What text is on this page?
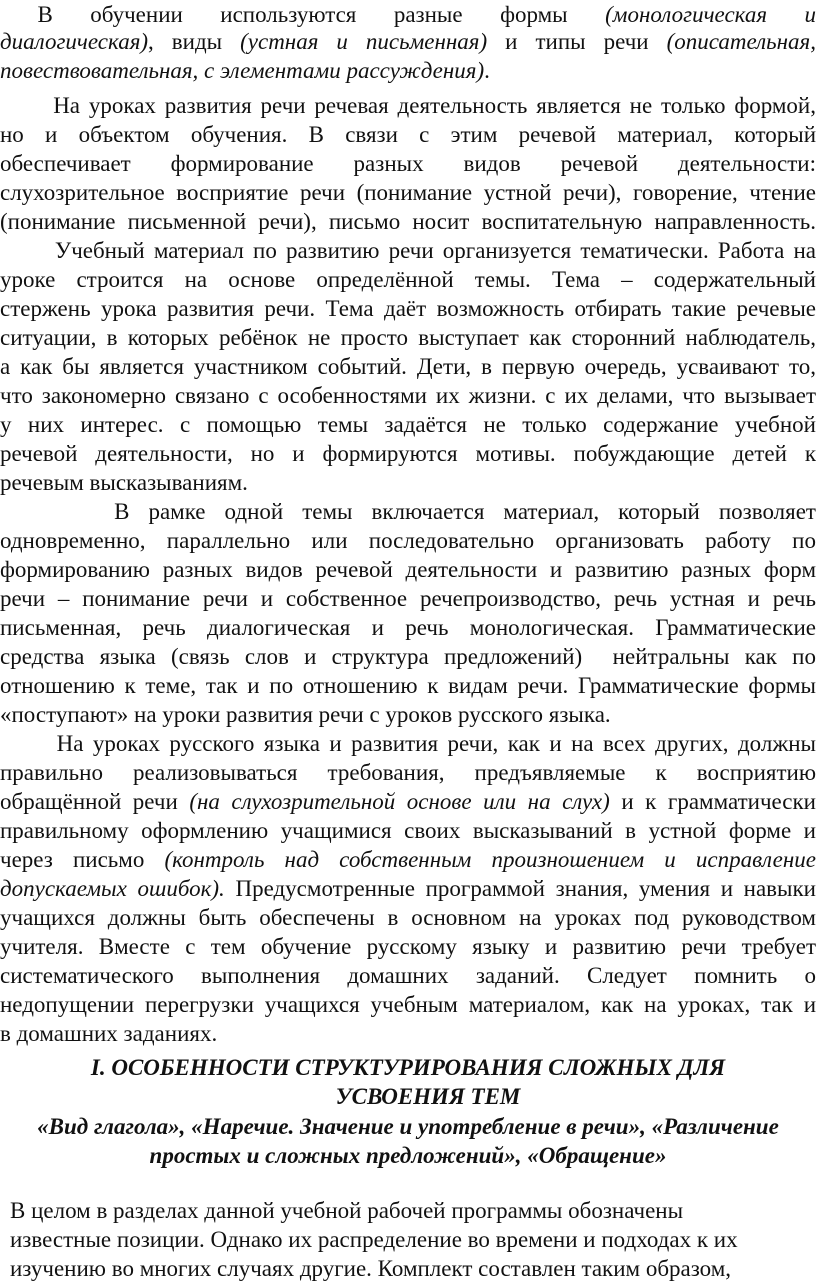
В      обучении      используются      разные      формы      (монологическая      и
диалогическая),  виды  (устная  и  письменная)  и  типы  речи  (описательная,
повествовательная, с элементами рассуждения).
На уроках развития речи речевая деятельность является не только формой,
но и объектом обучения. В связи с этим речевой материал, который
обеспечивает формирование разных видов речевой деятельности:
слухозрительное восприятие речи (понимание устной речи), говорение, чтение
(понимание письменной речи), письмо носит воспитательную направленность.
Учебный материал по развитию речи организуется тематически. Работа на
уроке строится на основе определённой темы. Тема – содержательный
стержень урока развития речи. Тема даёт возможность отбирать такие речевые
ситуации, в которых ребёнок не просто выступает как сторонний наблюдатель,
а как бы является участником событий. Дети, в первую очередь, усваивают то,
что закономерно связано с особенностями их жизни. с их делами, что вызывает
у них интерес. с помощью темы задаётся не только содержание учебной
речевой деятельности, но и формируются мотивы. побуждающие детей к
речевым высказываниям.
В рамке одной темы включается материал, который позволяет
одновременно, параллельно или последовательно организовать работу по
формированию разных видов речевой деятельности и развитию разных форм
речи – понимание речи и собственное речепроизводство, речь устная и речь
письменная, речь диалогическая и речь монологическая. Грамматические
средства языка (связь слов и структура предложений)  нейтральны как по
отношению к теме, так и по отношению к видам речи. Грамматические формы
«поступают» на уроки развития речи с уроков русского языка.
На уроках русского языка и развития речи, как и на всех других, должны
правильно реализовываться требования, предъявляемые к восприятию
обращённой речи (на слухозрительной основе или на слух) и к грамматически
правильному оформлению учащимися своих высказываний в устной форме и
через письмо (контроль над собственным произношением и исправление
допускаемых ошибок). Предусмотренные программой знания, умения и навыки
учащихся должны быть обеспечены в основном на уроках под руководством
учителя. Вместе с тем обучение русскому языку и развитию речи требует
систематического выполнения домашних заданий. Следует помнить о
недопущении перегрузки учащихся учебным материалом, как на уроках, так и
в домашних заданиях.
I. ОСОБЕННОСТИ СТРУКТУРИРОВАНИЯ СЛОЖНЫХ ДЛЯ
УСВОЕНИЯ ТЕМ
«Вид глагола», «Наречие. Значение и употребление в речи», «Различение
простых и сложных предложений», «Обращение»
В целом в разделах данной учебной рабочей программы обозначены
известные позиции. Однако их распределение во времени и подходах к их
изучению во многих случаях другие. Комплект составлен таким образом,
